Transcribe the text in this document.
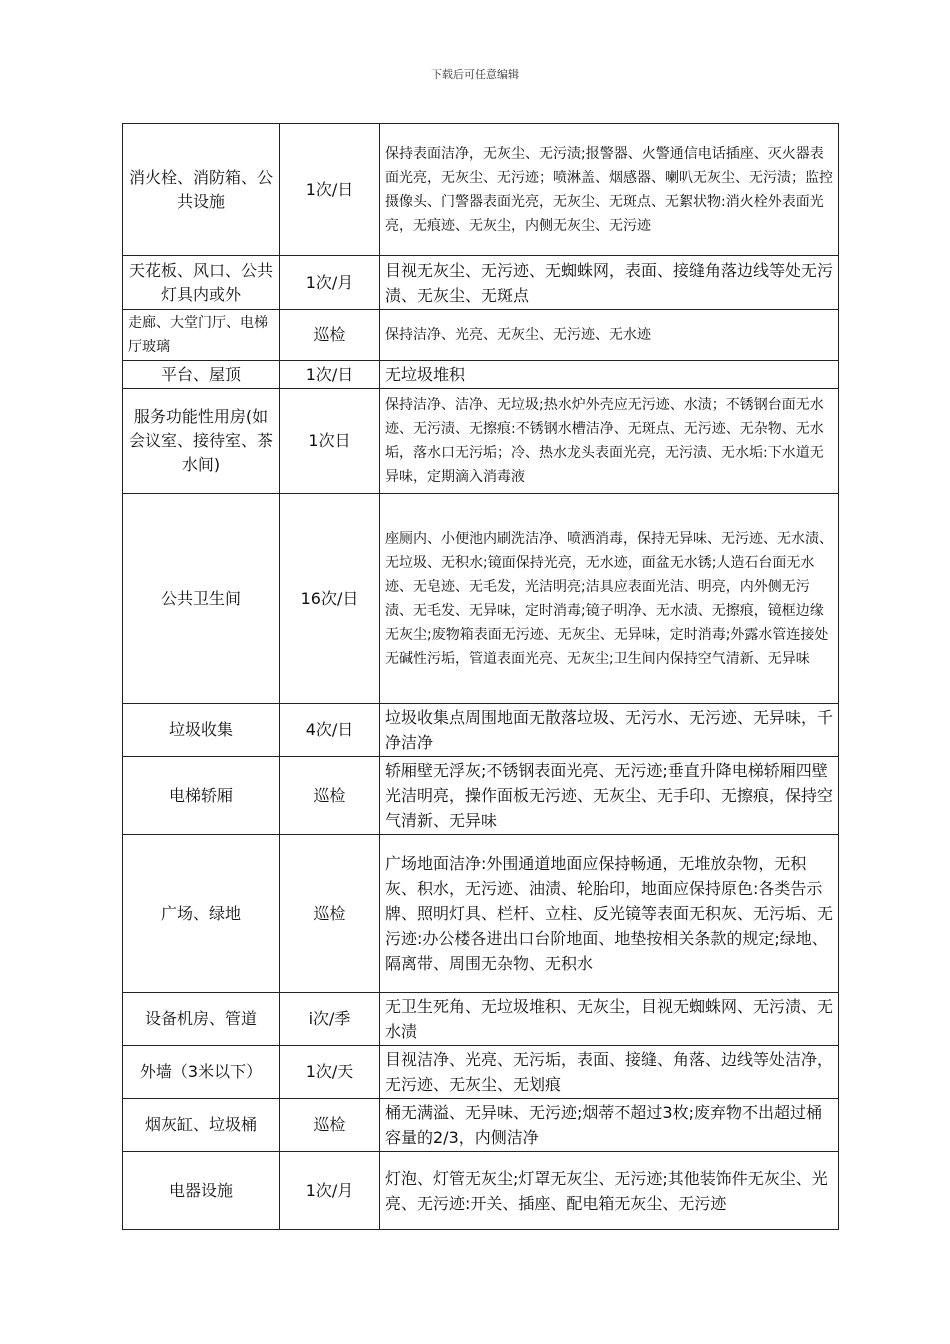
下载后可任意编辑
消火栓、消防箱、公共设施	1次/日	保持表面洁净，无灰尘、无污渍;报警器、火警通信电话插座、灭火器表面光亮，无灰尘、无污迹；喷淋盖、烟感器、喇叭无灰尘、无污渍；监控摄像头、门警器表面光亮，无灰尘、无斑点、无絮状物:消火栓外表面光亮，无痕迹、无灰尘，内侧无灰尘、无污迹
天花板、风口、公共灯具内或外	1次/月	目视无灰尘、无污迹、无蜘蛛网，表面、接缝角落边线等处无污渍、无灰尘、无斑点
走廊、大堂门厅、电梯厅玻璃	巡检	保持洁净、光亮、无灰尘、无污迹、无水迹
平台、屋顶	1次/日	无垃圾堆积
服务功能性用房(如会议室、接待室、茶水间)	1次日	保持洁净、洁净、无垃圾;热水炉外壳应无污迹、水渍；不锈钢台面无水迹、无污渍、无擦痕:不锈钢水槽洁净、无斑点、无污迹、无杂物、无水垢，落水口无污垢；冷、热水龙头表面光亮，无污渍、无水垢:下水道无异味，定期滴入消毒液
公共卫生间	16次/日	座厕内、小便池内刷洗洁净、喷洒消毒，保持无异味、无污迹、无水渍、无垃圾、无积水;镜面保持光亮，无水迹，面盆无水锈;人造石台面无水迹、无皂迹、无毛发，光洁明亮;洁具应表面光洁、明亮，内外侧无污渍、无毛发、无异味，定时消毒;镜子明净、无水渍、无擦痕，镜框边缘无灰尘;废物箱表面无污迹、无灰尘、无异味，定时消毒;外露水管连接处无碱性污垢，管道表面光亮、无灰尘;卫生间内保持空气清新、无异味
垃圾收集	4次/日	垃圾收集点周围地面无散落垃圾、无污水、无污迹、无异味，千净洁净
电梯轿厢	巡检	轿厢壁无浮灰;不锈钢表面光亮、无污迹;垂直升降电梯轿厢四壁光洁明亮，操作面板无污迹、无灰尘、无手印、无擦痕，保持空气清新、无异味
广场、绿地	巡检	广场地面洁净:外围通道地面应保持畅通，无堆放杂物，无积灰、积水，无污迹、油渍、轮胎印，地面应保持原色:各类告示牌、照明灯具、栏杆、立柱、反光镜等表面无积灰、无污垢、无污迹:办公楼各进出口台阶地面、地垫按相关条款的规定;绿地、隔离带、周围无杂物、无积水
设备机房、管道	i次/季	无卫生死角、无垃圾堆积、无灰尘，目视无蜘蛛网、无污渍、无水渍
外墙（3米以下）	1次/天	目视洁净、光亮、无污垢，表面、接缝、角落、边线等处洁净，无污迹、无灰尘、无划痕
烟灰缸、垃圾桶	巡检	桶无满溢、无异味、无污迹;烟蒂不超过3枚;废弃物不出超过桶容量的2/3，内侧洁净
电器设施	1次/月	灯泡、灯管无灰尘;灯罩无灰尘、无污迹;其他装饰件无灰尘、光亮、无污迹:开关、插座、配电箱无灰尘、无污迹
